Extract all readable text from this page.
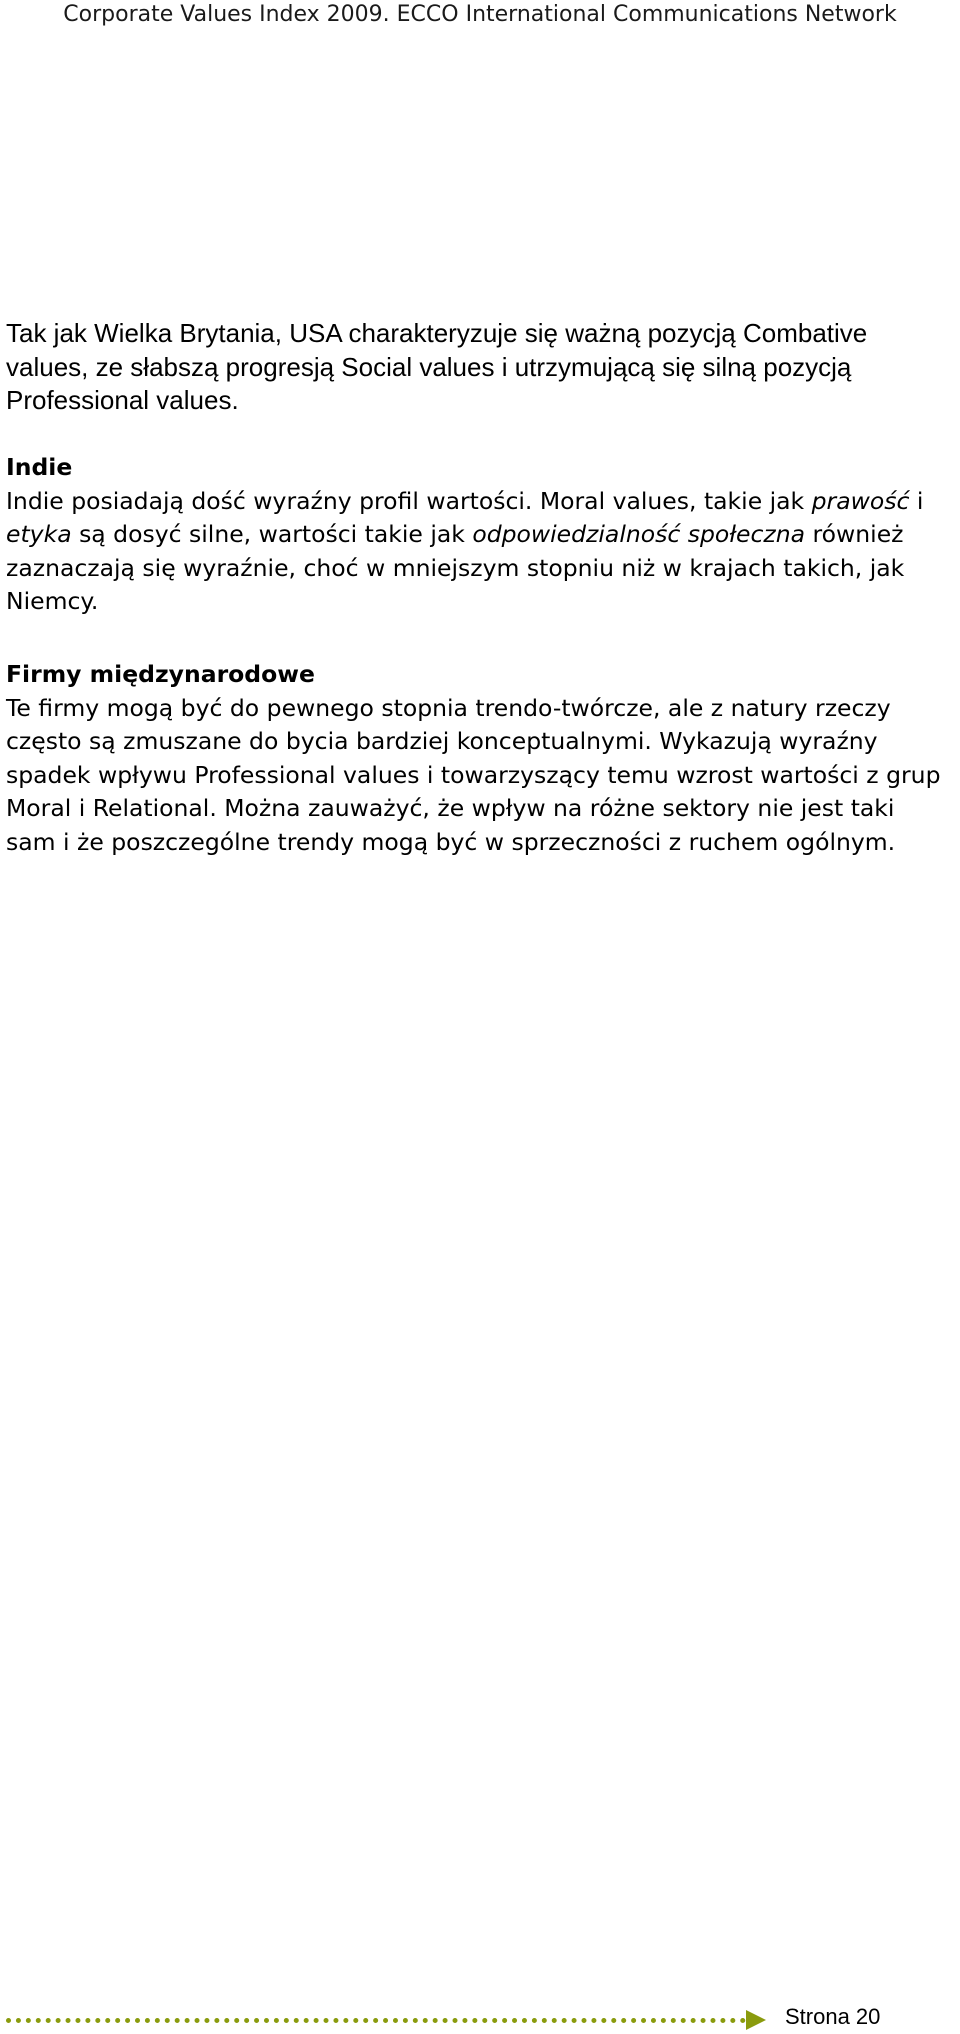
Corporate Values Index 2009. ECCO International Communications Network

Tak jak Wielka Brytania, USA charakteryzuje się ważną pozycją Combative values, ze słabszą progresją Social values i utrzymującą się silną pozycją Professional values.

Indie

Indie posiadają dość wyraźny profil wartości. Moral values, takie jak prawość i etyka są dosyć silne, wartości takie jak odpowiedzialność społeczna również zaznaczają się wyraźnie, choć w mniejszym stopniu niż w krajach takich, jak Niemcy.

Firmy międzynarodowe

Te firmy mogą być do pewnego stopnia trendo-twórcze, ale z natury rzeczy często są zmuszane do bycia bardziej konceptualnymi. Wykazują wyraźny spadek wpływu Professional values i towarzyszący temu wzrost wartości z grup Moral i Relational. Można zauważyć, że wpływ na różne sektory nie jest taki sam i że poszczególne trendy mogą być w sprzeczności z ruchem ogólnym.

Strona 20
